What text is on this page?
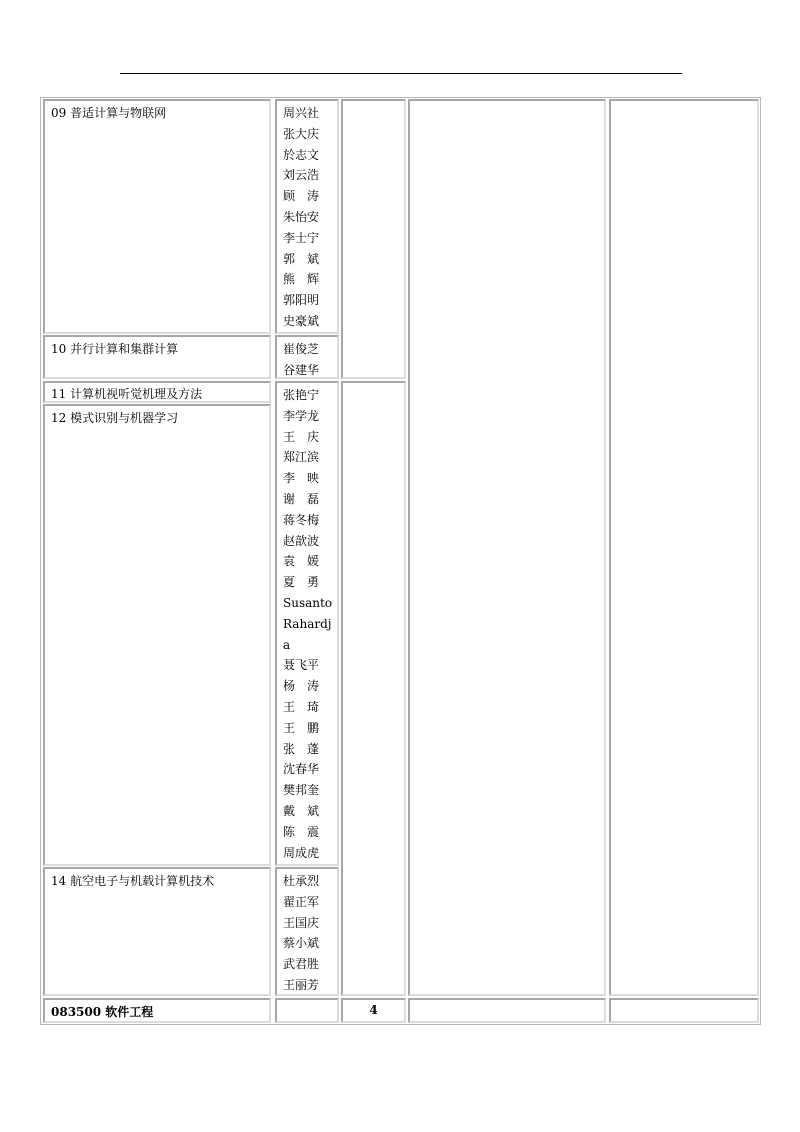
09 普适计算与物联网
10 并行计算和集群计算
11 计算机视听觉机理及方法
12 模式识别与机器学习
14 航空电子与机载计算机技术
周兴社
张大庆
於志文
刘云浩
顾　涛
朱怡安
李士宁
郭　斌
熊　辉
郭阳明
史豪斌
崔俊芝
谷建华
张艳宁
李学龙
王　庆
郑江滨
李　映
谢　磊
蒋冬梅
赵歆波
袁　媛
夏　勇
Susanto
Rahardj
a
聂飞平
杨　涛
王　琦
王　鹏
张　蓬
沈春华
樊邦奎
戴　斌
陈　震
周成虎
杜承烈
翟正军
王国庆
蔡小斌
武君胜
王丽芳
083500 软件工程	4
